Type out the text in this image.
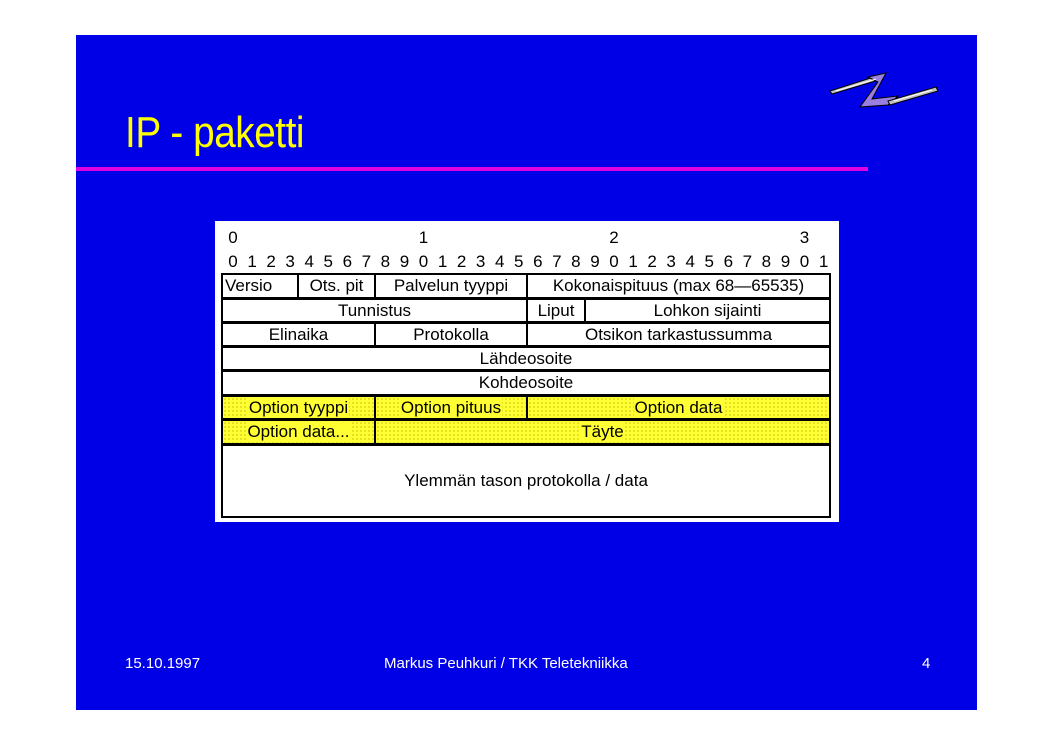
IP - paketti
0	1	2	3
0 1 2 3 4 5 6 7 8 9 0 1 2 3 4 5 6 7 8 9 0 1 2 3 4 5 6 7 8 9 0 1
Versio	Ots. pit	Palvelun tyyppi	Kokonaispituus (max 68—65535)
Tunnistus	Liput	Lohkon sijainti
Elinaika	Protokolla	Otsikon tarkastussumma
Lähdeosoite
Kohdeosoite
Option tyyppi	Option pituus	Option data
Option data...	Täyte
Ylemmän tason protokolla / data
15.10.1997	Markus Peuhkuri / TKK Teletekniikka	4
